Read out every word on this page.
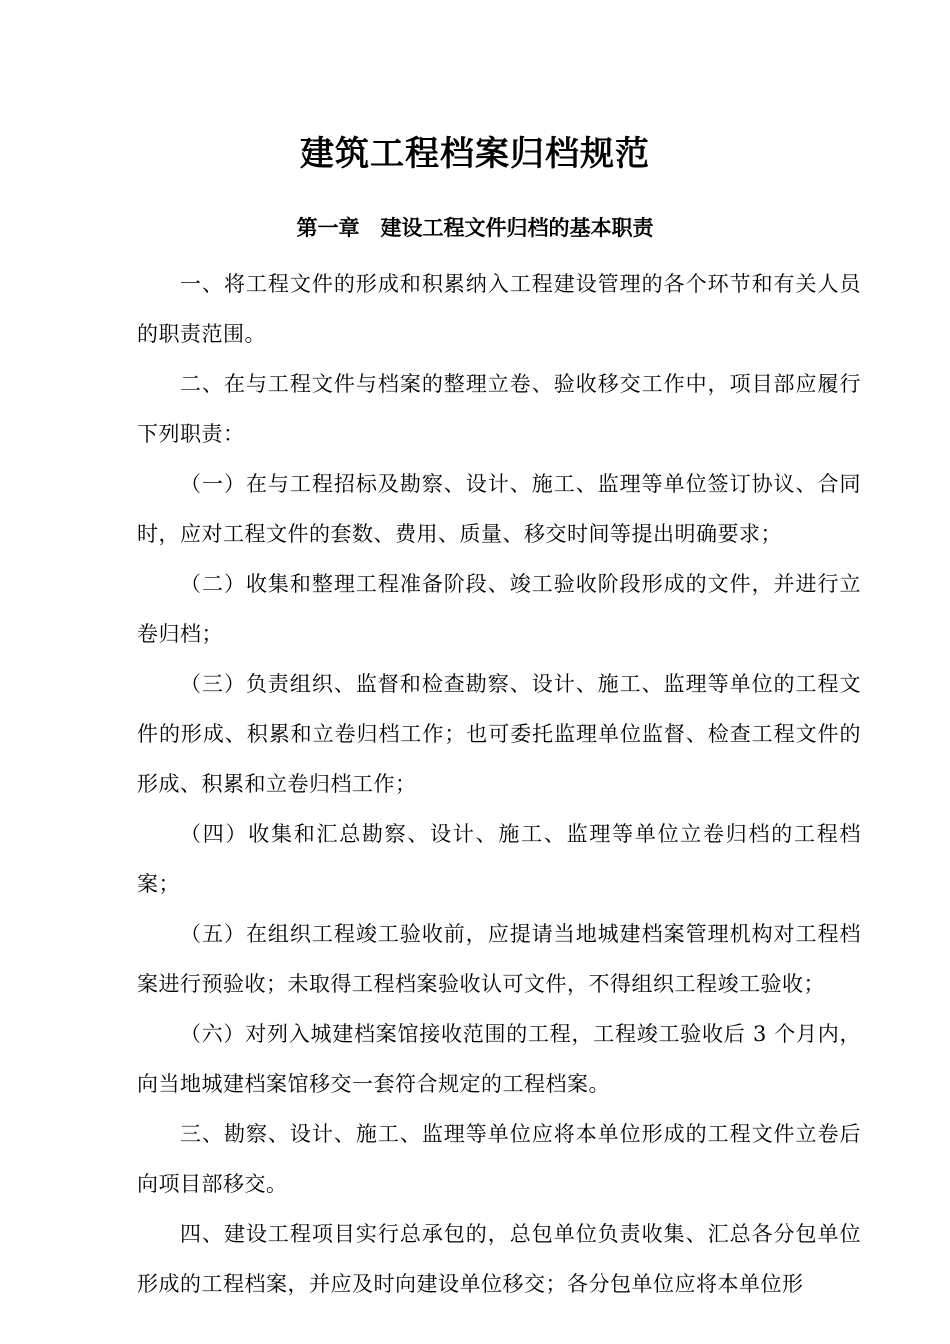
建筑工程档案归档规范
第一章　建设工程文件归档的基本职责

一、将工程文件的形成和积累纳入工程建设管理的各个环节和有关人员的职责范围。

二、在与工程文件与档案的整理立卷、验收移交工作中，项目部应履行下列职责：

（一）在与工程招标及勘察、设计、施工、监理等单位签订协议、合同时，应对工程文件的套数、费用、质量、移交时间等提出明确要求；

（二）收集和整理工程准备阶段、竣工验收阶段形成的文件，并进行立卷归档；

（三）负责组织、监督和检查勘察、设计、施工、监理等单位的工程文件的形成、积累和立卷归档工作；也可委托监理单位监督、检查工程文件的形成、积累和立卷归档工作；

（四）收集和汇总勘察、设计、施工、监理等单位立卷归档的工程档案；

（五）在组织工程竣工验收前，应提请当地城建档案管理机构对工程档案进行预验收；未取得工程档案验收认可文件，不得组织工程竣工验收；

（六）对列入城建档案馆接收范围的工程，工程竣工验收后 3 个月内，向当地城建档案馆移交一套符合规定的工程档案。

三、勘察、设计、施工、监理等单位应将本单位形成的工程文件立卷后向项目部移交。

四、建设工程项目实行总承包的，总包单位负责收集、汇总各分包单位形成的工程档案，并应及时向建设单位移交；各分包单位应将本单位形
